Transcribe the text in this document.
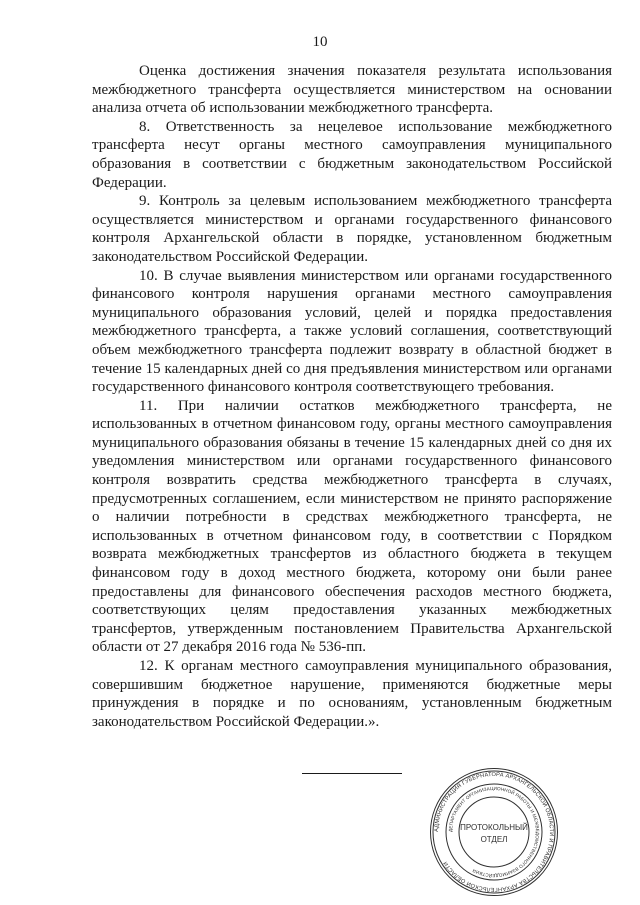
10

Оценка достижения значения показателя результата использования межбюджетного трансферта осуществляется министерством на основании анализа отчета об использовании межбюджетного трансферта.

8. Ответственность за нецелевое использование межбюджетного трансферта несут органы местного самоуправления муниципального образования в соответствии с бюджетным законодательством Российской Федерации.

9. Контроль за целевым использованием межбюджетного трансферта осуществляется министерством и органами государственного финансового контроля Архангельской области в порядке, установленном бюджетным законодательством Российской Федерации.

10. В случае выявления министерством или органами государственного финансового контроля нарушения органами местного самоуправления муниципального образования условий, целей и порядка предоставления межбюджетного трансферта, а также условий соглашения, соответствующий объем межбюджетного трансферта подлежит возврату в областной бюджет в течение 15 календарных дней со дня предъявления министерством или органами государственного финансового контроля соответствующего требования.

11. При наличии остатков межбюджетного трансферта, не использованных в отчетном финансовом году, органы местного самоуправления муниципального образования обязаны в течение 15 календарных дней со дня их уведомления министерством или органами государственного финансового контроля возвратить средства межбюджетного трансферта в случаях, предусмотренных соглашением, если министерством не принято распоряжение о наличии потребности в средствах межбюджетного трансферта, не использованных в отчетном финансовом году, в соответствии с Порядком возврата межбюджетных трансфертов из областного бюджета в текущем финансовом году в доход местного бюджета, которому они были ранее предоставлены для финансового обеспечения расходов местного бюджета, соответствующих целям предоставления указанных межбюджетных трансфертов, утвержденным постановлением Правительства Архангельской области от 27 декабря 2016 года № 536-пп.

12. К органам местного самоуправления муниципального образования, совершившим бюджетное нарушение, применяются бюджетные меры принуждения в порядке и по основаниям, установленным бюджетным законодательством Российской Федерации.».

АДМИНИСТРАЦИЯ ГУБЕРНАТОРА АРХАНГЕЛЬСКОЙ ОБЛАСТИ И ПРАВИТЕЛЬСТВА АРХАНГЕЛЬСКОЙ ОБЛАСТИ
ДЕПАРТАМЕНТ ОРГАНИЗАЦИОННОЙ РАБОТЫ И МЕЖВЕДОМСТВЕННОГО ВЗАИМОДЕЙСТВИЯ
ПРОТОКОЛЬНЫЙ
ОТДЕЛ
